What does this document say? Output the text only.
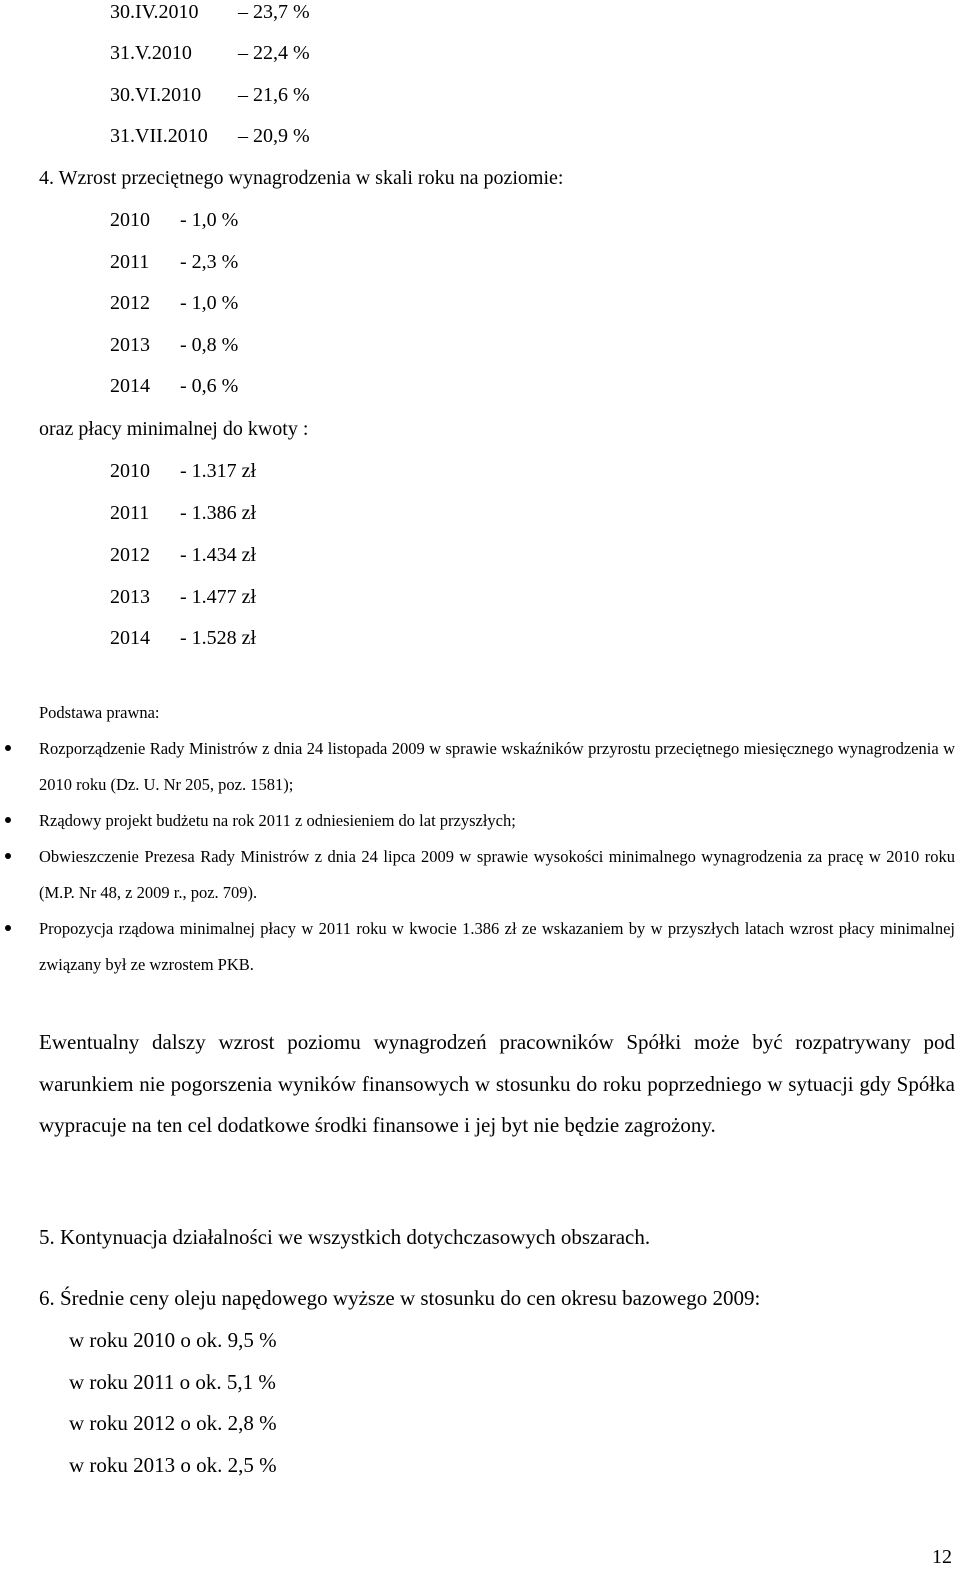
30.IV.2010 – 23,7 %
31.V.2010 – 22,4 %
30.VI.2010 – 21,6 %
31.VII.2010 – 20,9 %
4. Wzrost przeciętnego wynagrodzenia w skali roku na poziomie:
2010 - 1,0 %
2011 - 2,3 %
2012 - 1,0 %
2013 - 0,8 %
2014 - 0,6 %
oraz płacy minimalnej do kwoty :
2010 - 1.317 zł
2011 - 1.386 zł
2012 - 1.434 zł
2013 - 1.477 zł
2014 - 1.528 zł
Podstawa prawna:
Rozporządzenie Rady Ministrów z dnia 24 listopada 2009 w sprawie wskaźników przyrostu przeciętnego miesięcznego wynagrodzenia w 2010 roku (Dz. U. Nr 205, poz. 1581);
Rządowy projekt budżetu na rok 2011 z odniesieniem do lat przyszłych;
Obwieszczenie Prezesa Rady Ministrów z dnia 24 lipca 2009 w sprawie wysokości minimalnego wynagrodzenia za pracę w 2010 roku (M.P. Nr 48, z 2009 r., poz. 709).
Propozycja rządowa minimalnej płacy w 2011 roku w kwocie 1.386 zł ze wskazaniem by w przyszłych latach wzrost płacy minimalnej związany był ze wzrostem PKB.
Ewentualny dalszy wzrost poziomu wynagrodzeń pracowników Spółki może być rozpatrywany pod warunkiem nie pogorszenia wyników finansowych w stosunku do roku poprzedniego w sytuacji gdy Spółka wypracuje na ten cel dodatkowe środki finansowe i jej byt nie będzie zagrożony.
5. Kontynuacja działalności we wszystkich dotychczasowych obszarach.
6. Średnie ceny oleju napędowego wyższe w stosunku do cen okresu bazowego 2009:
w roku 2010 o ok. 9,5 %
w roku 2011 o ok. 5,1 %
w roku 2012 o ok. 2,8 %
w roku 2013 o ok. 2,5 %
12
